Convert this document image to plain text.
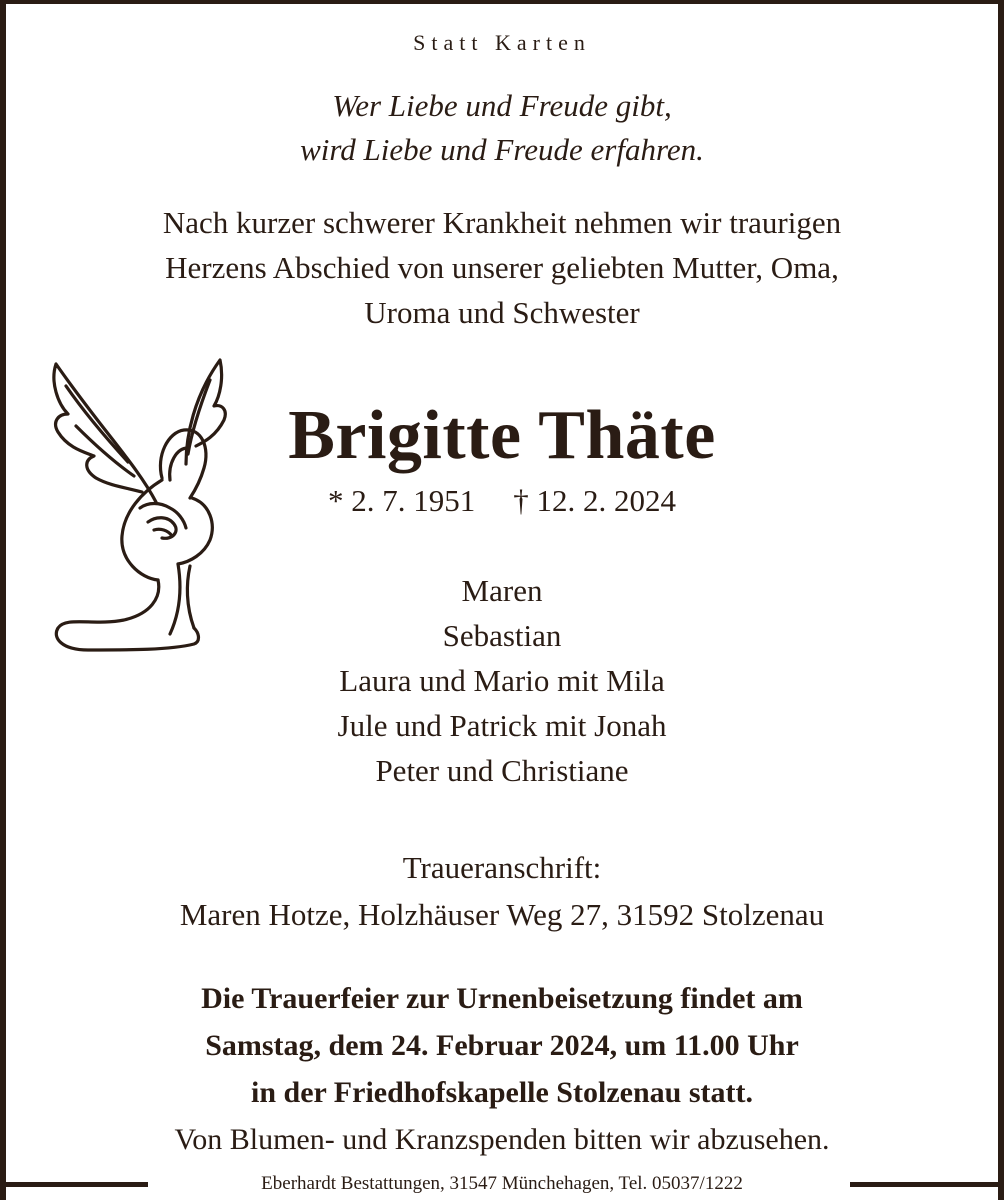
Statt Karten
Wer Liebe und Freude gibt,
wird Liebe und Freude erfahren.
Nach kurzer schwerer Krankheit nehmen wir traurigen
Herzens Abschied von unserer geliebten Mutter, Oma,
Uroma und Schwester
Brigitte Thäte
* 2. 7. 1951 † 12. 2. 2024
Maren
Sebastian
Laura und Mario mit Mila
Jule und Patrick mit Jonah
Peter und Christiane
Traueranschrift:
Maren Hotze, Holzhäuser Weg 27, 31592 Stolzenau
Die Trauerfeier zur Urnenbeisetzung findet am
Samstag, dem 24. Februar 2024, um 11.00 Uhr
in der Friedhofskapelle Stolzenau statt.
Von Blumen- und Kranzspenden bitten wir abzusehen.
Eberhardt Bestattungen, 31547 Münchehagen, Tel. 05037/1222
